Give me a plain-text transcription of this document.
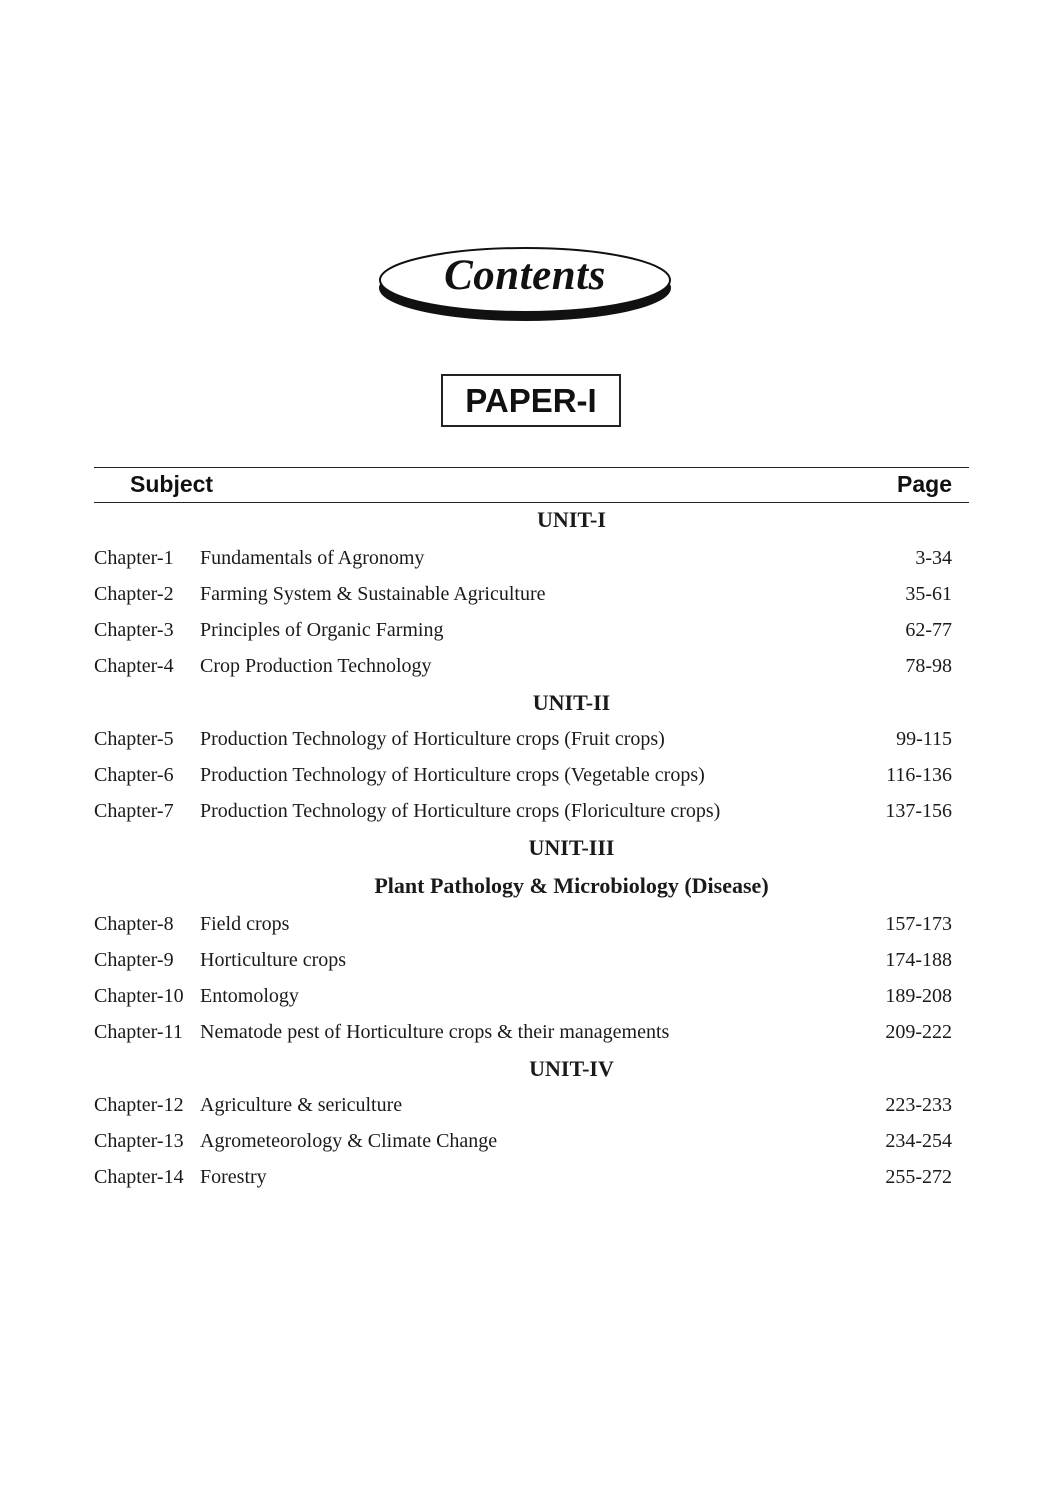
Contents
PAPER-I
Subject	Page
UNIT-I
Chapter-1 Fundamentals of Agronomy	3-34
Chapter-2 Farming System & Sustainable Agriculture	35-61
Chapter-3 Principles of Organic Farming	62-77
Chapter-4 Crop Production Technology	78-98
UNIT-II
Chapter-5 Production Technology of Horticulture crops (Fruit crops)	99-115
Chapter-6 Production Technology of Horticulture crops (Vegetable crops)	116-136
Chapter-7 Production Technology of Horticulture crops (Floriculture crops)	137-156
UNIT-III
Plant Pathology & Microbiology (Disease)
Chapter-8 Field crops	157-173
Chapter-9 Horticulture crops	174-188
Chapter-10 Entomology	189-208
Chapter-11 Nematode pest of Horticulture crops & their managements	209-222
UNIT-IV
Chapter-12 Agriculture & sericulture	223-233
Chapter-13 Agrometeorology & Climate Change	234-254
Chapter-14 Forestry	255-272
